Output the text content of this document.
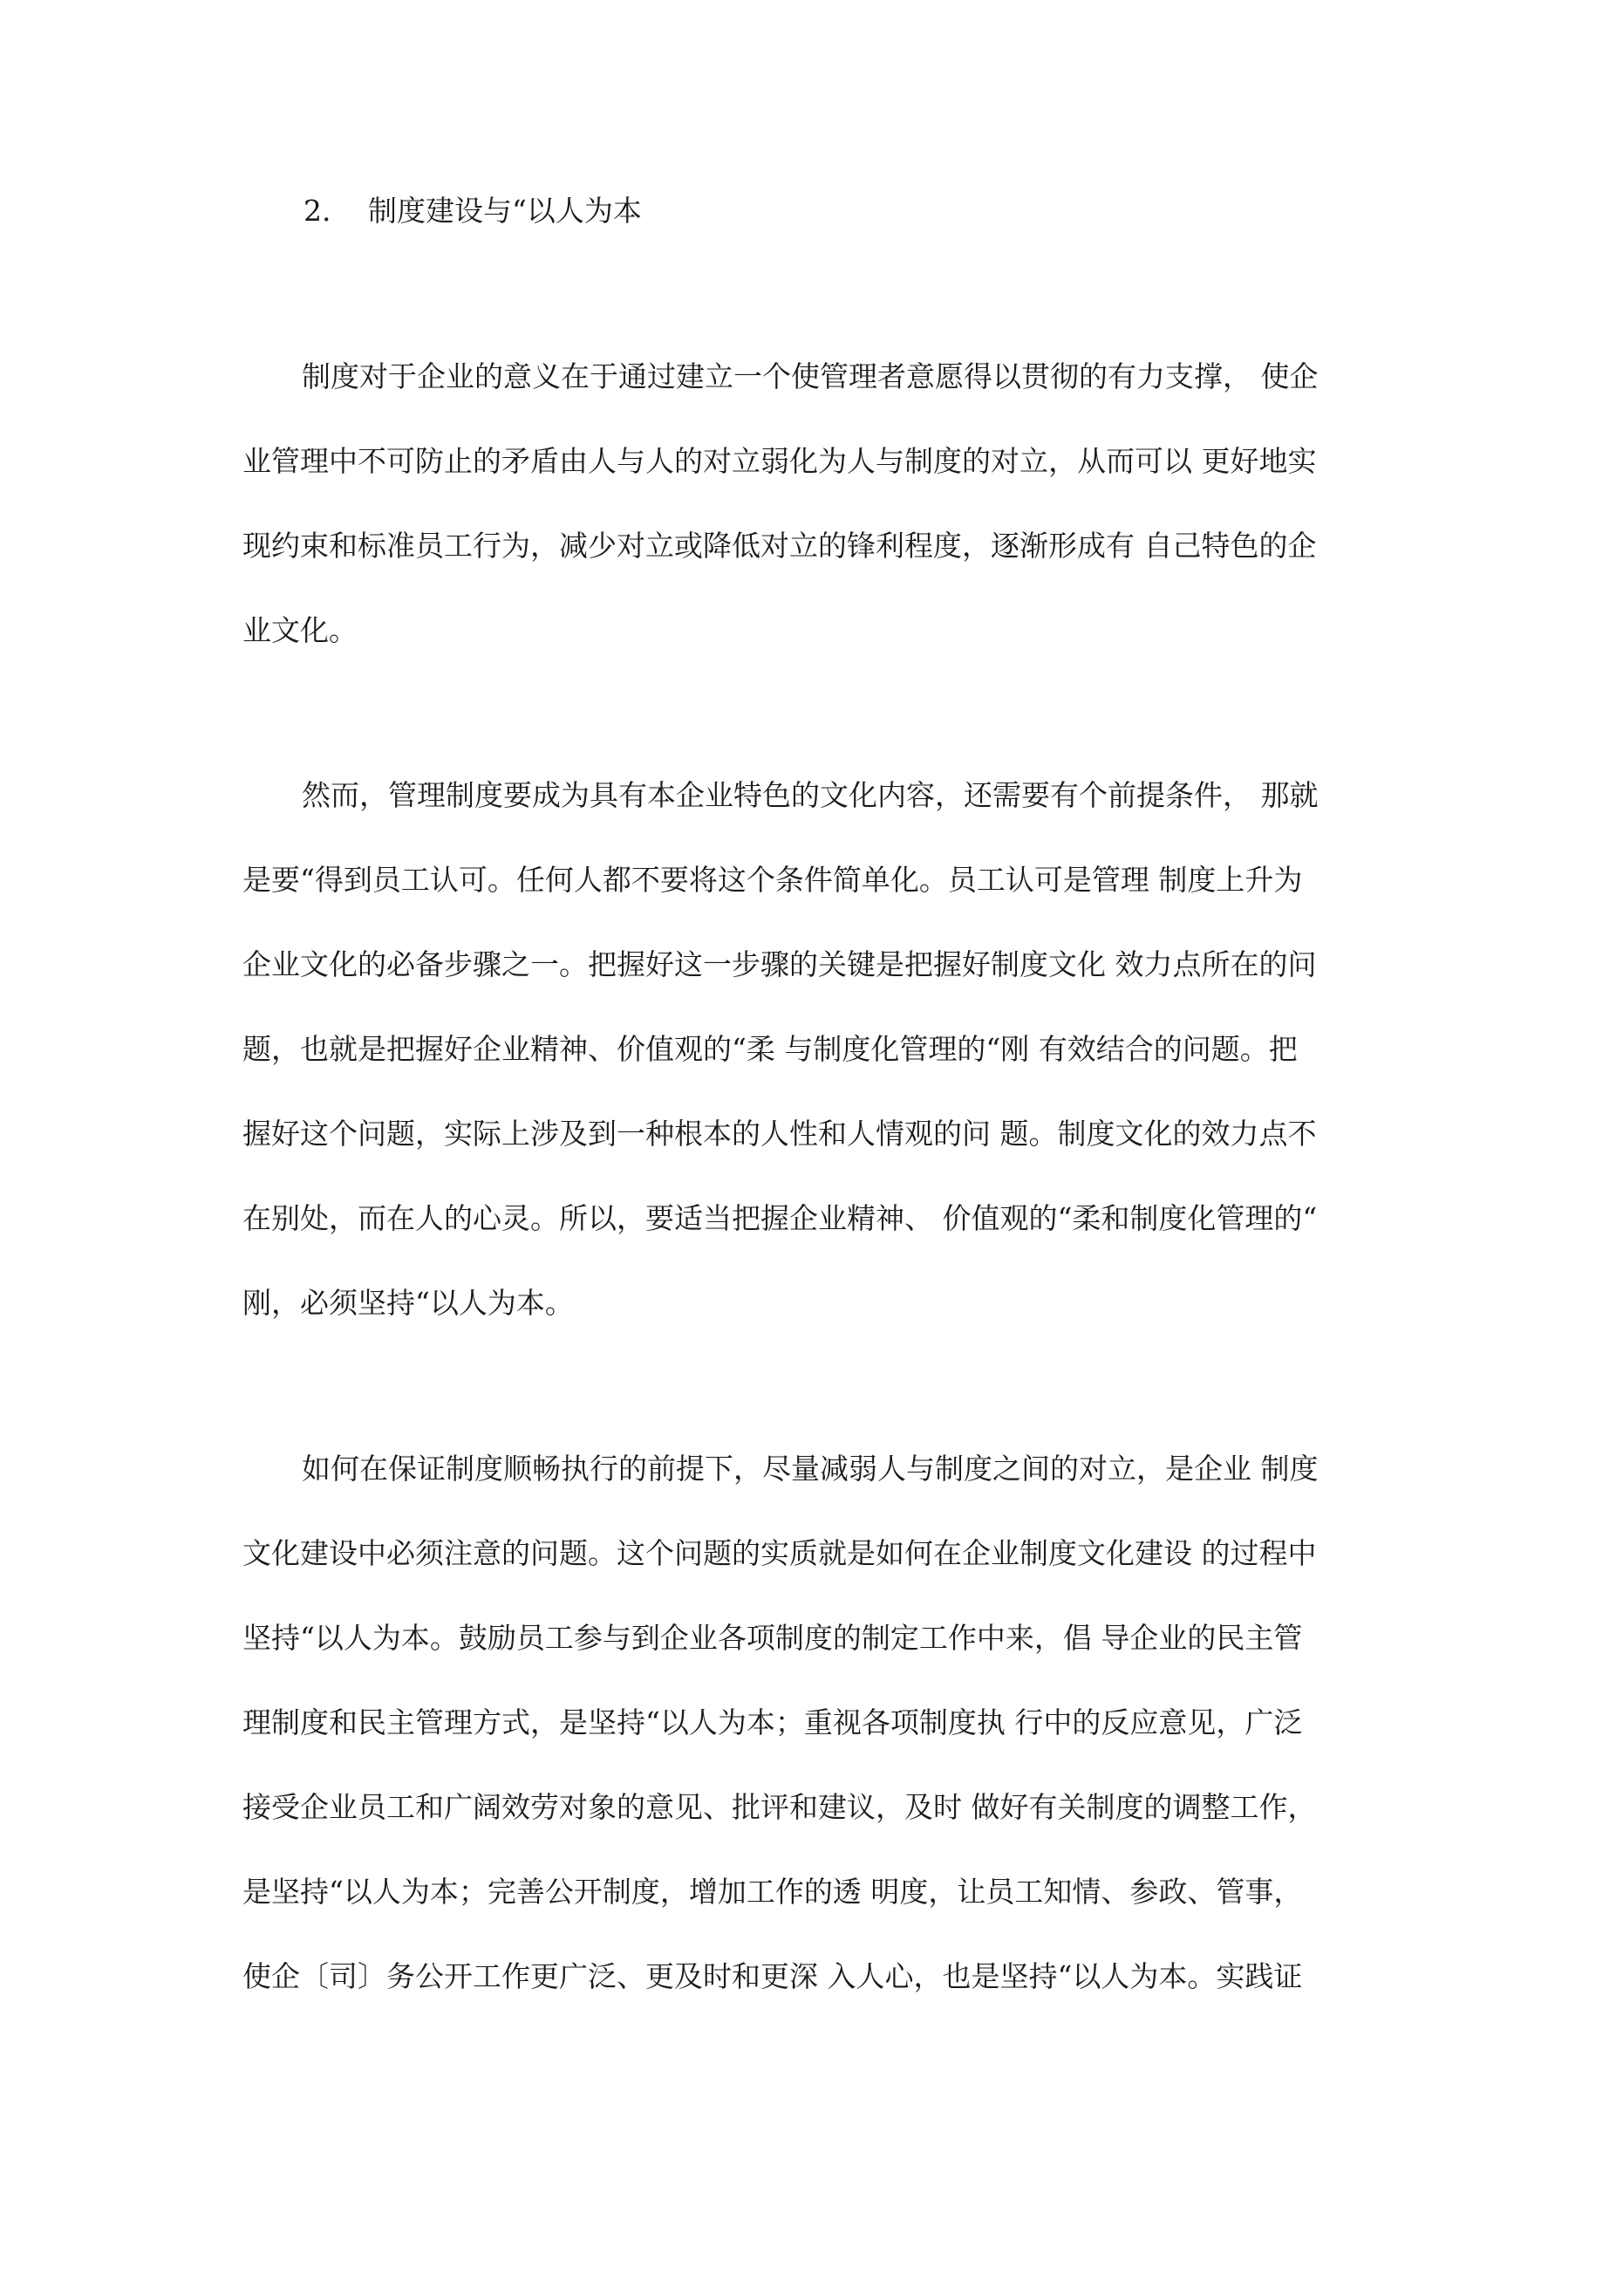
2. 制度建设与“以人为本
制度对于企业的意义在于通过建立一个使管理者意愿得以贯彻的有力支撑， 使企
业管理中不可防止的矛盾由人与人的对立弱化为人与制度的对立，从而可以 更好地实
现约束和标准员工行为，减少对立或降低对立的锋利程度，逐渐形成有 自己特色的企
业文化。
然而，管理制度要成为具有本企业特色的文化内容，还需要有个前提条件， 那就
是要“得到员工认可。任何人都不要将这个条件简单化。员工认可是管理 制度上升为
企业文化的必备步骤之一。把握好这一步骤的关键是把握好制度文化 效力点所在的问
题，也就是把握好企业精神、价值观的“柔 与制度化管理的“刚 有效结合的问题。把
握好这个问题，实际上涉及到一种根本的人性和人情观的问 题。制度文化的效力点不
在别处，而在人的心灵。所以，要适当把握企业精神、 价值观的“柔和制度化管理的“
刚，必须坚持“以人为本。
如何在保证制度顺畅执行的前提下，尽量减弱人与制度之间的对立，是企业 制度
文化建设中必须注意的问题。这个问题的实质就是如何在企业制度文化建设 的过程中
坚持“以人为本。鼓励员工参与到企业各项制度的制定工作中来，倡 导企业的民主管
理制度和民主管理方式，是坚持“以人为本；重视各项制度执 行中的反应意见，广泛
接受企业员工和广阔效劳对象的意见、批评和建议，及时 做好有关制度的调整工作，
是坚持“以人为本；完善公开制度，增加工作的透 明度，让员工知情、参政、管事，
使企〔司〕务公开工作更广泛、更及时和更深 入人心，也是坚持“以人为本。实践证
